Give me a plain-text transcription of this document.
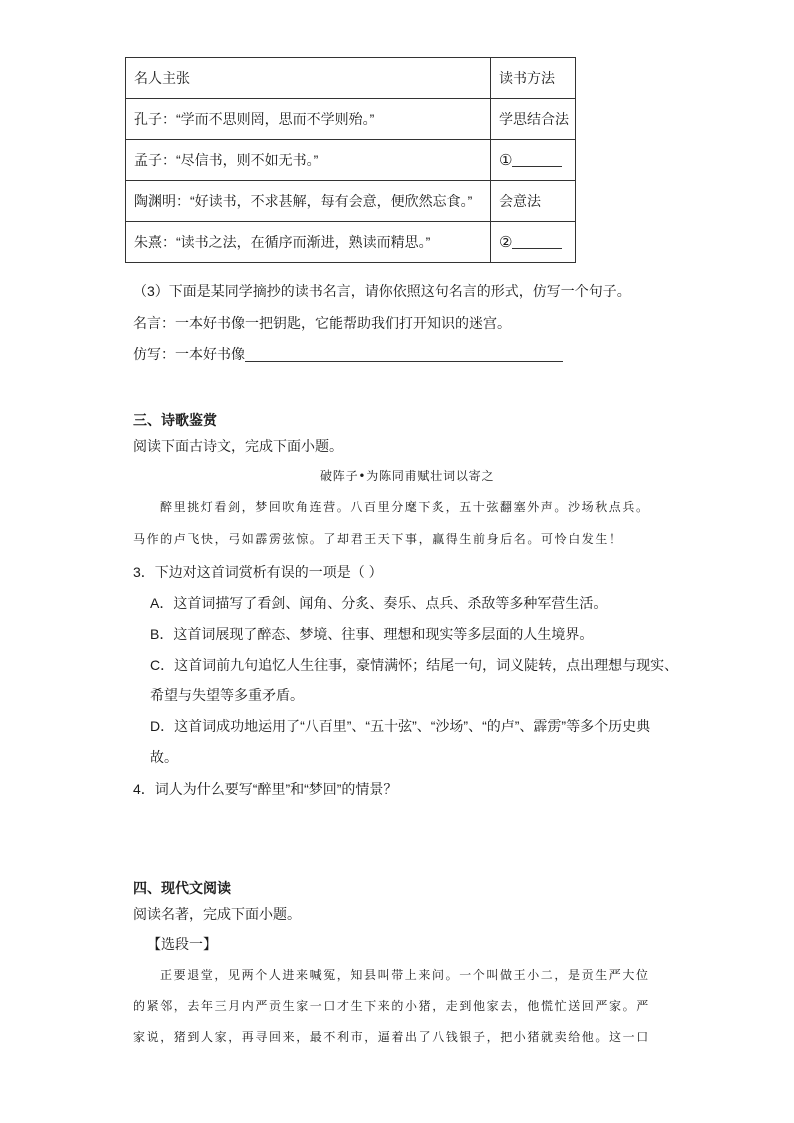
名人主张	读书方法
孔子：“学而不思则罔，思而不学则殆。”	学思结合法
孟子：“尽信书，则不如无书。”	①
陶渊明：“好读书，不求甚解，每有会意，便欣然忘食。”	会意法
朱熹：“读书之法，在循序而渐进，熟读而精思。”	②
（3）下面是某同学摘抄的读书名言，请你依照这句名言的形式，仿写一个句子。
名言：一本好书像一把钥匙，它能帮助我们打开知识的迷宫。
仿写：一本好书像
三、诗歌鉴赏
阅读下面古诗文，完成下面小题。
破阵子•为陈同甫赋壮词以寄之
醉里挑灯看剑，梦回吹角连营。八百里分麾下炙，五十弦翻塞外声。沙场秋点兵。
马作的卢飞快，弓如霹雳弦惊。了却君王天下事，赢得生前身后名。可怜白发生！
3．下边对这首词赏析有误的一项是（ ）
A．这首词描写了看剑、闻角、分炙、奏乐、点兵、杀敌等多种军营生活。
B．这首词展现了醉态、梦境、往事、理想和现实等多层面的人生境界。
C．这首词前九句追忆人生往事，豪情满怀；结尾一句，词义陡转，点出理想与现实、
希望与失望等多重矛盾。
D．这首词成功地运用了“八百里”、“五十弦”、“沙场”、“的卢”、霹雳”等多个历史典
故。
4．词人为什么要写“醉里”和“梦回”的情景？
四、现代文阅读
阅读名著，完成下面小题。
【选段一】
正要退堂，见两个人进来喊冤，知县叫带上来问。一个叫做王小二，是贡生严大位
的紧邻，去年三月内严贡生家一口才生下来的小猪，走到他家去，他慌忙送回严家。严
家说，猪到人家，再寻回来，最不利市，逼着出了八钱银子，把小猪就卖给他。这一口
